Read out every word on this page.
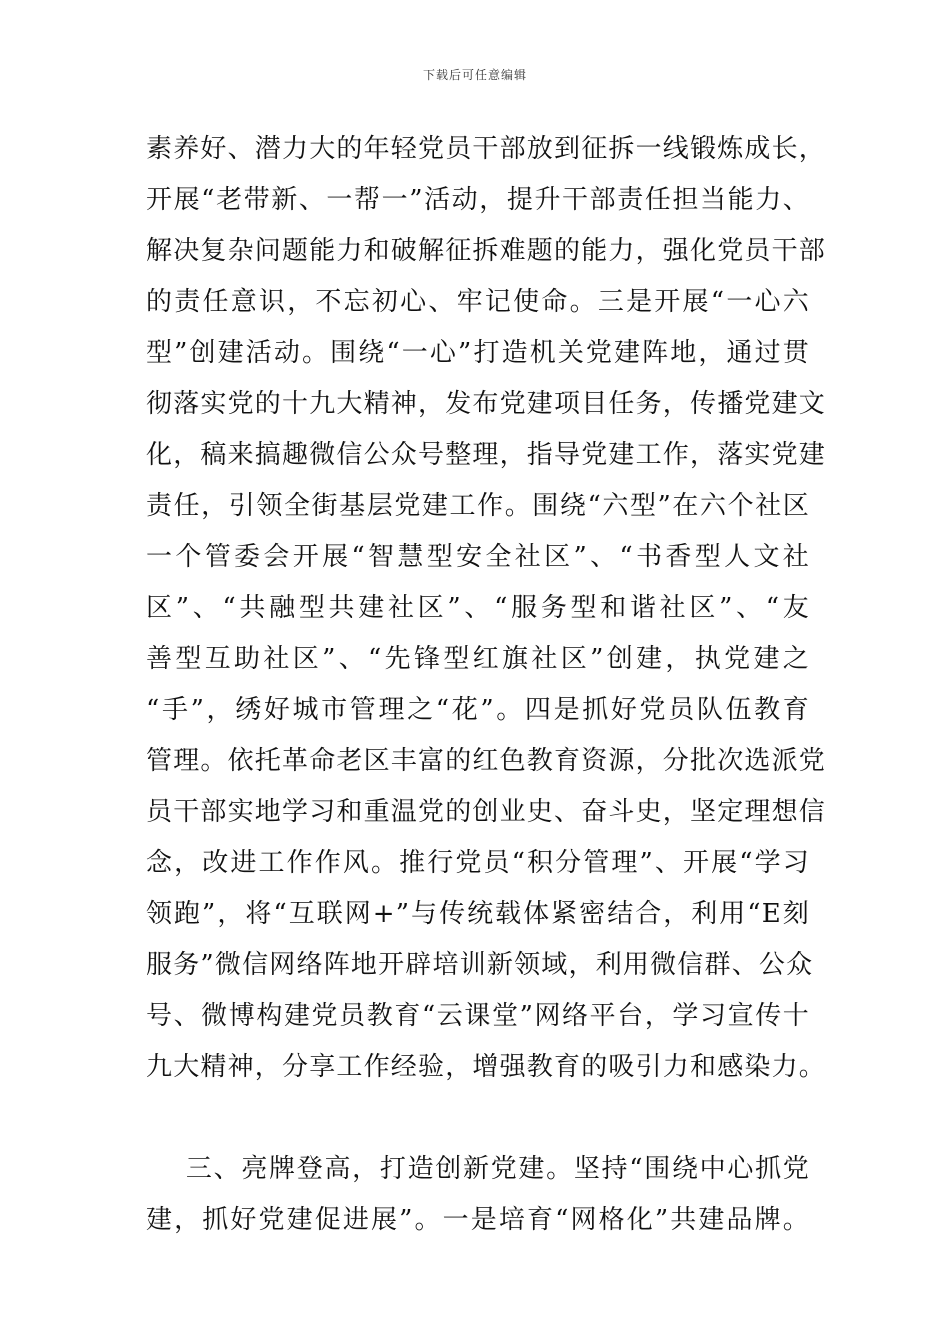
下载后可任意编辑
素养好、潜力大的年轻党员干部放到征拆一线锻炼成长，
开展“老带新、一帮一”活动，提升干部责任担当能力、
解决复杂问题能力和破解征拆难题的能力，强化党员干部
的责任意识，不忘初心、牢记使命。三是开展“一心六
型”创建活动。围绕“一心”打造机关党建阵地，通过贯
彻落实党的十九大精神，发布党建项目任务，传播党建文
化，稿来搞趣微信公众号整理，指导党建工作，落实党建
责任，引领全街基层党建工作。围绕“六型”在六个社区
一个管委会开展“智慧型安全社区”、“书香型人文社
区”、“共融型共建社区”、“服务型和谐社区”、“友
善型互助社区”、“先锋型红旗社区”创建，执党建之
“手”，绣好城市管理之“花”。四是抓好党员队伍教育
管理。依托革命老区丰富的红色教育资源，分批次选派党
员干部实地学习和重温党的创业史、奋斗史，坚定理想信
念，改进工作作风。推行党员“积分管理”、开展“学习
领跑”，将“互联网+”与传统载体紧密结合，利用“E刻
服务”微信网络阵地开辟培训新领域，利用微信群、公众
号、微博构建党员教育“云课堂”网络平台，学习宣传十
九大精神，分享工作经验，增强教育的吸引力和感染力。
三、亮牌登高，打造创新党建。坚持“围绕中心抓党
建，抓好党建促进展”。一是培育“网格化”共建品牌。
